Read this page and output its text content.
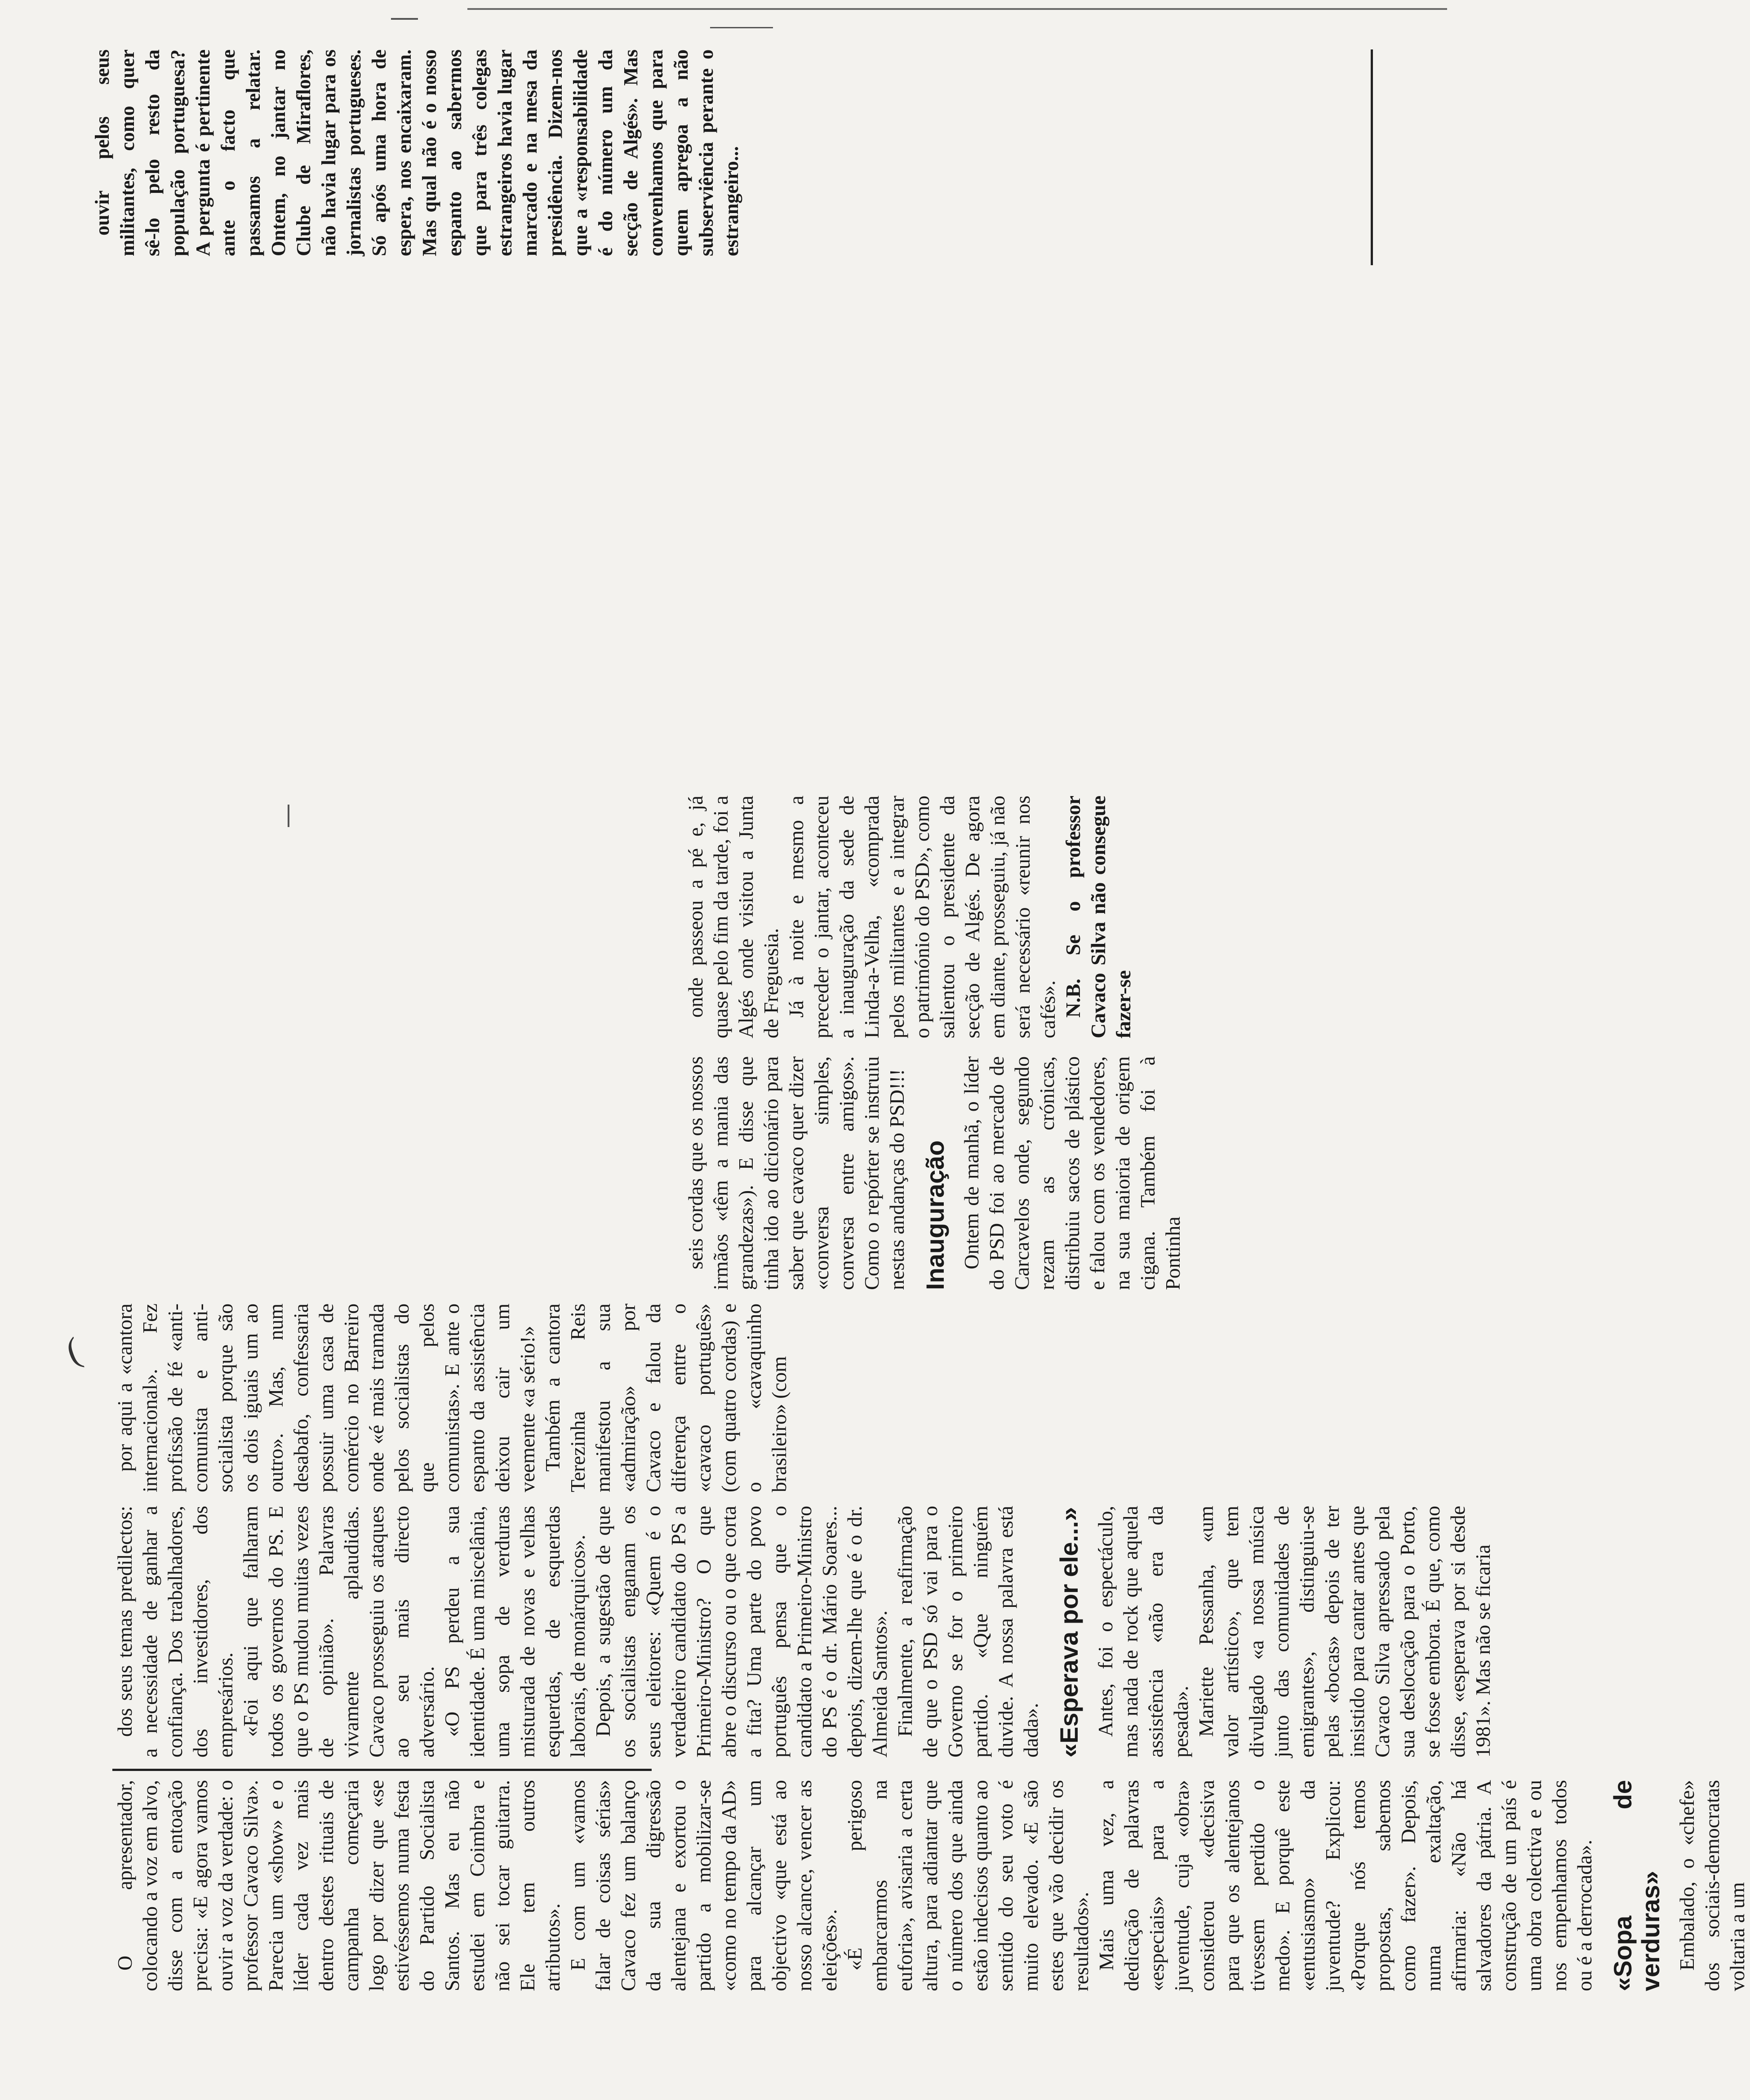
(

O apresentador, colocando a voz em alvo, disse com a entoação precisa: «E agora vamos ouvir a voz da verdade: o professor Cavaco Silva». Parecia um «show» e o líder cada vez mais dentro destes rituais de campanha começaria logo por dizer que «se estivéssemos numa festa do Partido Socialista Santos. Mas eu não estudei em Coimbra e não sei tocar guitarra. Ele tem outros atributos». E com um «vamos falar de coisas sérias» Cavaco fez um balanço da sua digressão alentejana e exortou o partido a mobilizar-se «como no tempo da AD» para alcançar um objectivo «que está ao nosso alcance, vencer as eleições». «É perigoso embarcarmos na euforia», avisaria a certa altura, para adiantar que o número dos que ainda estão indecisos quanto ao sentido do seu voto é muito elevado. «E são estes que vão decidir os resultados». Mais uma vez, a dedicação de palavras «especiais» para a juventude, cuja «obra» considerou «decisiva para que os alentejanos tivessem perdido o medo». E porquê este «entusiasmo» da juventude? Explicou: «Porque nós temos propostas, sabemos como fazer». Depois, numa exaltação, afirmaria: «Não há salvadores da pátria. A construção de um país é uma obra colectiva e ou nos empenhamos todos ou é a derrocada». «Sopa de verduras» Embalado, o «chefe» dos sociais-democratas voltaria a um

dos seus temas predilectos: a necessidade de ganhar a confiança. Dos trabalhadores, dos investidores, dos empresários. «Foi aqui que falharam todos os governos do PS. E que o PS mudou muitas vezes de opinião». Palavras vivamente aplaudidas. Cavaco prosseguiu os ataques ao seu mais directo adversário. «O PS perdeu a sua identidade. É uma miscelânia, uma sopa de verduras misturada de novas e velhas esquerdas, de esquerdas laborais, de monárquicos». Depois, a sugestão de que os socialistas enganam os seus eleitores: «Quem é o verdadeiro candidato do PS a Primeiro-Ministro? O que abre o discurso ou o que corta a fita? Uma parte do povo português pensa que o candidato a Primeiro-Ministro do PS é o dr. Mário Soares... depois, dizem-lhe que é o dr. Almeida Santos». Finalmente, a reafirmação de que o PSD só vai para o Governo se for o primeiro partido. «Que ninguém duvide. A nossa palavra está dada». «Esperava por ele...» Antes, foi o espectáculo, mas nada de rock que aquela assistência «não era da pesada». Mariette Pessanha, «um valor artístico», que tem divulgado «a nossa música junto das comunidades de emigrantes», distinguiu-se pelas «bocas» depois de ter insistido para cantar antes que Cavaco Silva apressado pela sua deslocação para o Porto, se fosse embora. É que, como disse, «esperava por si desde 1981». Mas não se ficaria

por aqui a «cantora internacional». Fez profissão de fé «anti-comunista e anti-socialista porque são os dois iguais um ao outro». Mas, num desabafo, confessaria possuir uma casa de comércio no Barreiro onde «é mais tramada pelos socialistas do que pelos comunistas». E ante o espanto da assistência deixou cair um veemente «a sério!» Também a cantora Terezinha Reis manifestou a sua «admiração» por Cavaco e falou da diferença entre o «cavaco português» (com quatro cordas) e o «cavaquinho brasileiro» (com

seis cordas que os nossos irmãos «têm a mania das grandezas»). E disse que tinha ido ao dicionário para saber que cavaco quer dizer «conversa simples, conversa entre amigos». Como o repórter se instruiu nestas andanças do PSD!!! Inauguração Ontem de manhã, o líder do PSD foi ao mercado de Carcavelos onde, segundo rezam as crónicas, distribuiu sacos de plástico e falou com os vendedores, na sua maioria de origem cigana. Também foi à Pontinha

onde passeou a pé e, já quase pelo fim da tarde, foi a Algés onde visitou a Junta de Freguesia. Já à noite e mesmo a preceder o jantar, aconteceu a inauguração da sede de Linda-a-Velha, «comprada pelos militantes e a integrar o património do PSD», como salientou o presidente da secção de Algés. De agora em diante, prosseguiu, já não será necessário «reunir nos cafés». N.B. Se o professor Cavaco Silva não consegue fazer-se

ouvir pelos seus militantes, como quer sê-lo pelo resto da população portuguesa? A pergunta é pertinente ante o facto que passamos a relatar. Ontem, no jantar no Clube de Miraflores, não havia lugar para os jornalistas portugueses. Só após uma hora de espera, nos encaixaram. Mas qual não é o nosso espanto ao sabermos que para três colegas estrangeiros havia lugar marcado e na mesa da presidência. Dizem-nos que a «responsabilidade é do número um da secção de Algés». Mas convenhamos que para quem apregoa a não subserviência perante o estrangeiro...
